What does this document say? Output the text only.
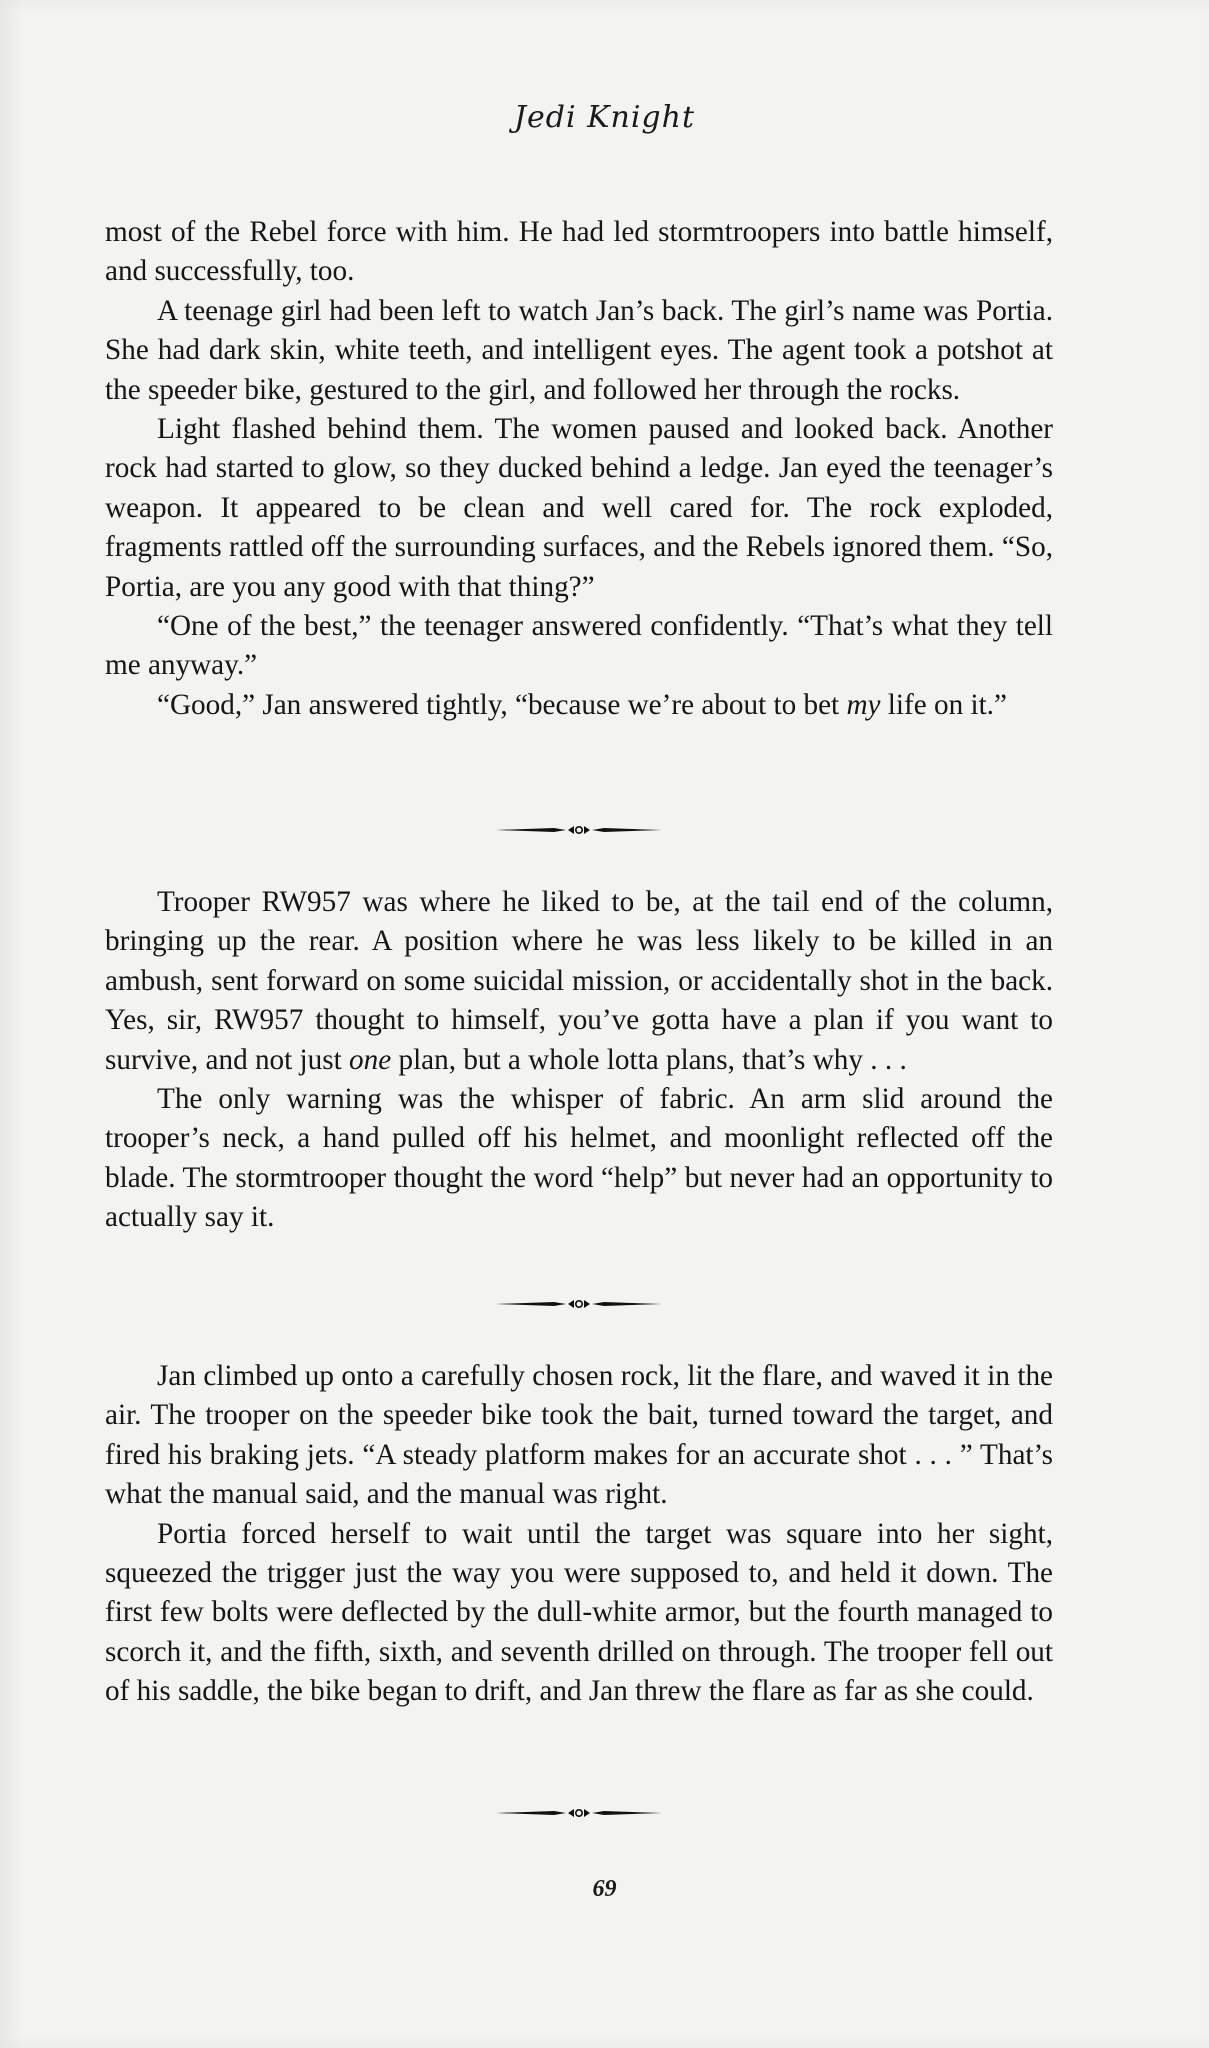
Jedi Knight

most of the Rebel force with him. He had led stormtroopers into battle himself, and successfully, too.

A teenage girl had been left to watch Jan’s back. The girl’s name was Portia. She had dark skin, white teeth, and intelligent eyes. The agent took a potshot at the speeder bike, gestured to the girl, and followed her through the rocks.

Light flashed behind them. The women paused and looked back. Another rock had started to glow, so they ducked behind a ledge. Jan eyed the teenager’s weapon. It appeared to be clean and well cared for. The rock exploded, fragments rattled off the surrounding surfaces, and the Rebels ignored them. “So, Portia, are you any good with that thing?”

“One of the best,” the teenager answered confidently. “That’s what they tell me anyway.”

“Good,” Jan answered tightly, “because we’re about to bet my life on it.”

Trooper RW957 was where he liked to be, at the tail end of the column, bringing up the rear. A position where he was less likely to be killed in an ambush, sent forward on some suicidal mission, or accidentally shot in the back. Yes, sir, RW957 thought to himself, you’ve gotta have a plan if you want to survive, and not just one plan, but a whole lotta plans, that’s why . . .

The only warning was the whisper of fabric. An arm slid around the trooper’s neck, a hand pulled off his helmet, and moonlight reflected off the blade. The stormtrooper thought the word “help” but never had an opportunity to actually say it.

Jan climbed up onto a carefully chosen rock, lit the flare, and waved it in the air. The trooper on the speeder bike took the bait, turned toward the target, and fired his braking jets. “A steady platform makes for an accurate shot . . . ” That’s what the manual said, and the manual was right.

Portia forced herself to wait until the target was square into her sight, squeezed the trigger just the way you were supposed to, and held it down. The first few bolts were deflected by the dull-white armor, but the fourth managed to scorch it, and the fifth, sixth, and seventh drilled on through. The trooper fell out of his saddle, the bike began to drift, and Jan threw the flare as far as she could.

69
